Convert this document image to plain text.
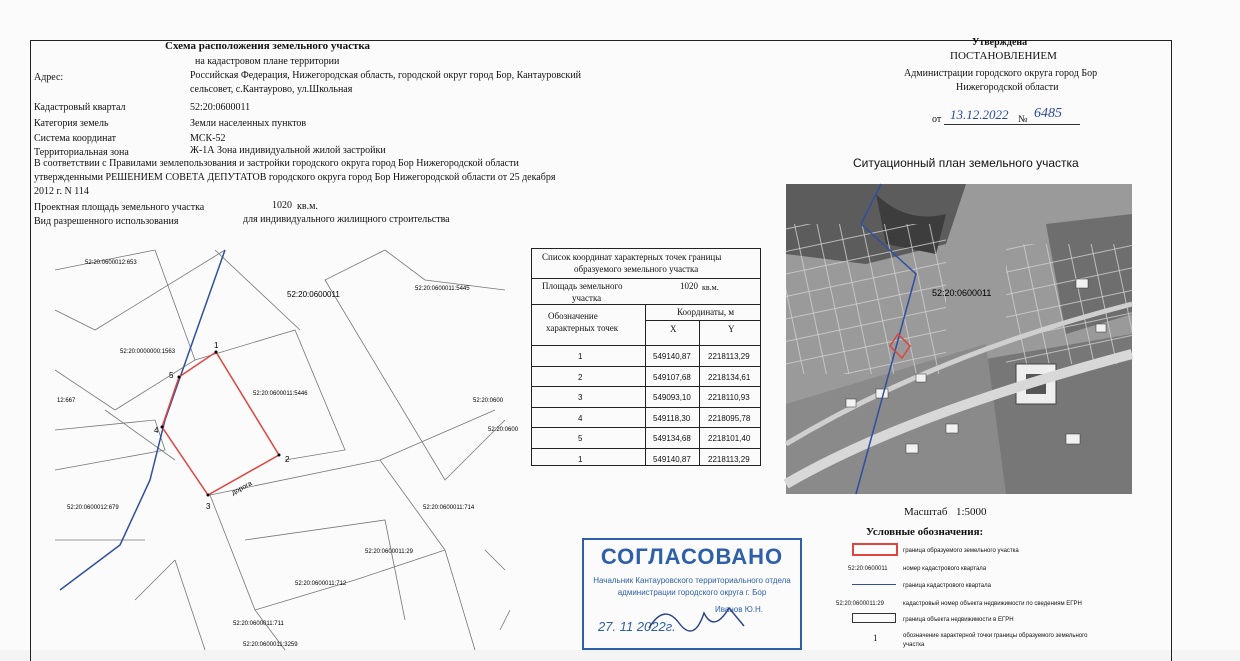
Схема расположения земельного участка
на кадастровом плане территории
Адрес:	Российская Федерация, Нижегородская область, городской округ город Бор, Кантауровский
сельсовет, с.Кантаурово, ул.Школьная
Кадастровый квартал	52:20:0600011
Категория земель	Земли населенных пунктов
Система координат	МСК-52
Территориальная зона	Ж-1А Зона индивидуальной жилой застройки
В соответствии с Правилами землепользования и застройки городского округа город Бор Нижегородской области
утвержденными РЕШЕНИЕМ СОВЕТА ДЕПУТАТОВ городского округа город Бор Нижегородской области от 25 декабря
2012 г. N 114
Проектная площадь земельного участка	1020 кв.м.
Вид разрешенного использования	для индивидуального жилищного строительства
Утверждена
ПОСТАНОВЛЕНИЕМ
Администрации городского округа город Бор
Нижегородской области
от 13.12.2022 № 6485
Ситуационный план земельного участка
52:20:0600011
Масштаб 1:5000
1
2
3
4
5
дорога
52:20:0600012:653
52:20:0600011
52:20:0600011:5445
52:20:0000000:1563
52:20:0600011:5446
12:667	52:20:0600
52:20:0600
52:20:0600012:679	52:20:0600011:714
52:20:0600011:29
52:20:0600011:712
52:20:0600011:711
52:20:0600011:3259
Список координат характерных точек границы
образуемого земельного участка
Площадь земельного
участка
1020 кв.м.
Координаты, м
Обозначение
характерных точек	X	Y
1	549140,87 2218113,29
2	549107,68 2218134,61
3	549093,10 2218110,93
4	549118,30 2218095,78
5	549134,68 2218101,40
1	549140,87 2218113,29
СОГЛАСОВАНО
Начальник Кантауровского территориального отдела
администрации городского округа г. Бор
Иванов Ю.Н.
27. 11 2022г.
Условные обозначения:
граница образуемого земельного участка
52:20:0600011	номер кадастрового квартала
граница кадастрового квартала
52:20:0600011:29	кадастровый номер объекта недвижимости по сведениям ЕГРН
граница объекта недвижимости в ЕГРН
1	обозначение характерной точки границы образуемого земельного
участка
